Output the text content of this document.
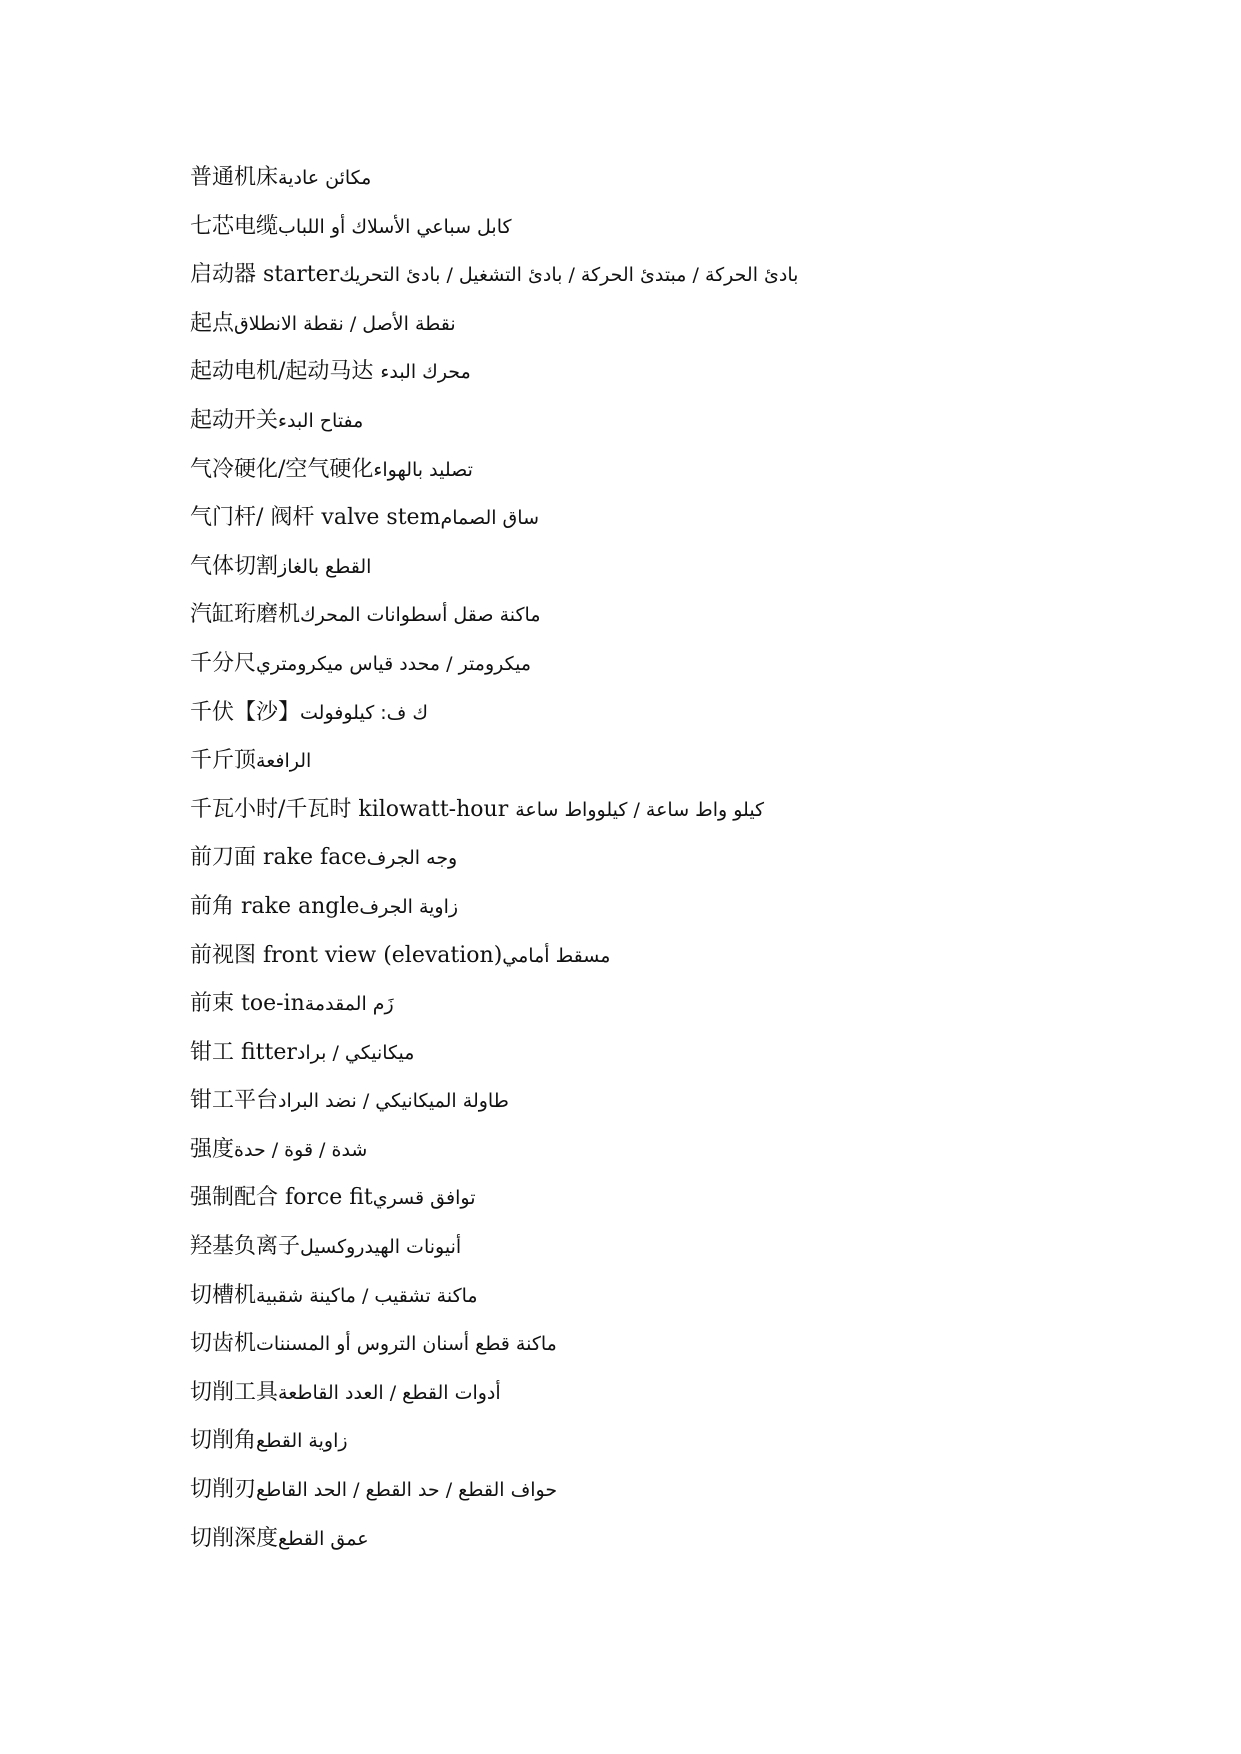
普通机床مكائن عادية
七芯电缆كابل سباعي الأسلاك أو اللباب
启动器 starterبادئ الحركة / مبتدئ الحركة / بادئ التشغيل / بادئ التحريك
起点نقطة الأصل / نقطة الانطلاق
起动电机/起动马达 محرك البدء
起动开关مفتاح البدء
气冷硬化/空气硬化تصليد بالهواء
气门杆/ 阀杆 valve stemساق الصمام
气体切割القطع بالغاز
汽缸珩磨机ماكنة صقل أسطوانات المحرك
千分尺ميكرومتر / محدد قياس ميكرومتري
千伏【沙】ك ف: كيلوفولت
千斤顶الرافعة
千瓦小时/千瓦时 kilowatt-hour كيلو واط ساعة / كيلوواط ساعة
前刀面 rake faceوجه الجرف
前角 rake angleزاوية الجرف
前视图 front view (elevation)مسقط أمامي
前束 toe-inزَم المقدمة
钳工 fitterميكانيكي / براد
钳工平台طاولة الميكانيكي / نضد البراد
强度شدة / قوة / حدة
强制配合 force fitتوافق قسري
羟基负离子أنيونات الهيدروكسيل
切槽机ماكنة تشقيب / ماكينة شقبية
切齿机ماكنة قطع أسنان التروس أو المسننات
切削工具أدوات القطع / العدد القاطعة
切削角زاوية القطع
切削刃حواف القطع / حد القطع / الحد القاطع
切削深度عمق القطع
